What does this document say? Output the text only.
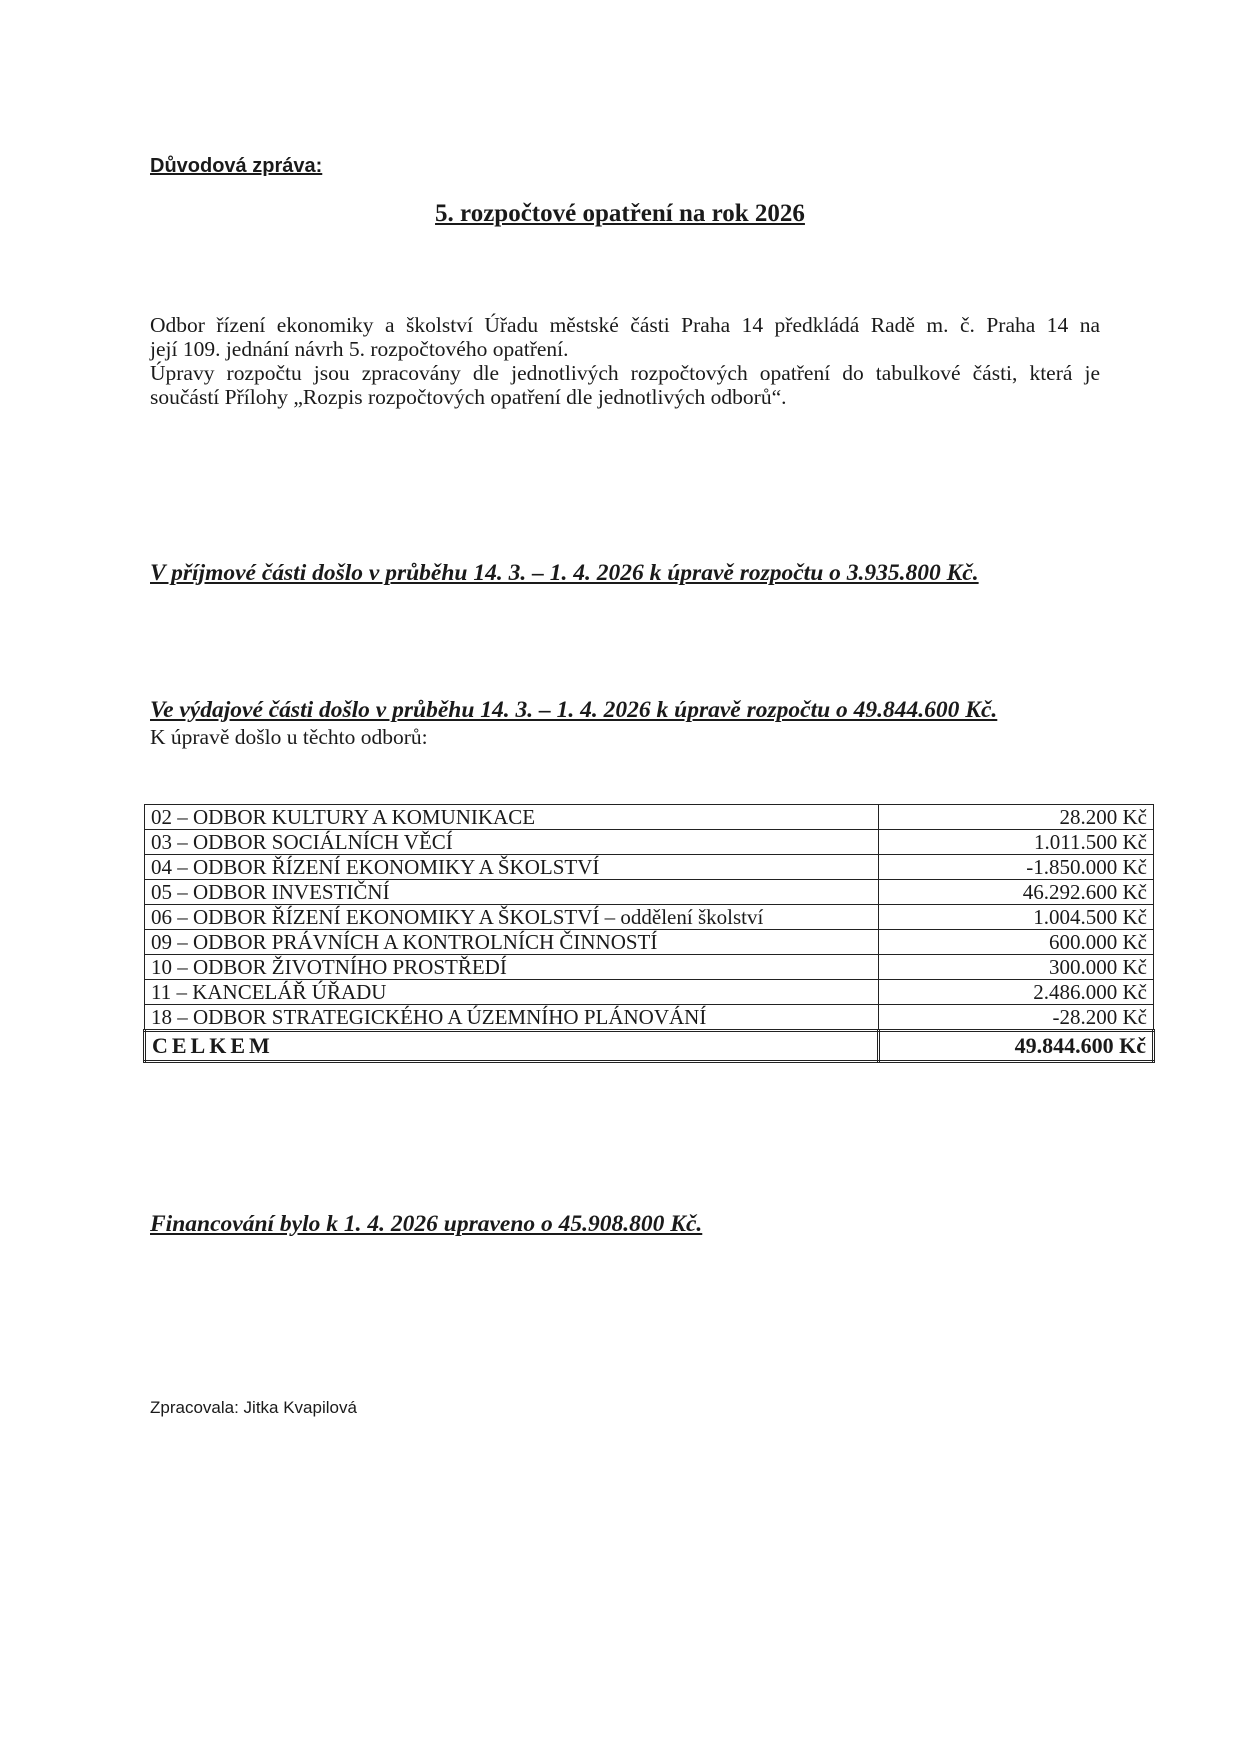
Důvodová zpráva:
5. rozpočtové opatření na rok 2026
Odbor řízení ekonomiky a školství Úřadu městské části Praha 14 předkládá Radě m. č. Praha 14 na
její 109. jednání návrh 5. rozpočtového opatření.
Úpravy rozpočtu jsou zpracovány dle jednotlivých rozpočtových opatření do tabulkové části, která je
součástí Přílohy „Rozpis rozpočtových opatření dle jednotlivých odborů“.
V příjmové části došlo v průběhu 14. 3. – 1. 4. 2026 k úpravě rozpočtu o 3.935.800 Kč.
Ve výdajové části došlo v průběhu 14. 3. – 1. 4. 2026 k úpravě rozpočtu o 49.844.600 Kč.
K úpravě došlo u těchto odborů:
02 – ODBOR KULTURY A KOMUNIKACE	28.200 Kč
03 – ODBOR SOCIÁLNÍCH VĚCÍ	1.011.500 Kč
04 – ODBOR ŘÍZENÍ EKONOMIKY A ŠKOLSTVÍ	-1.850.000 Kč
05 – ODBOR INVESTIČNÍ	46.292.600 Kč
06 – ODBOR ŘÍZENÍ EKONOMIKY A ŠKOLSTVÍ – oddělení školství	1.004.500 Kč
09 – ODBOR PRÁVNÍCH A KONTROLNÍCH ČINNOSTÍ	600.000 Kč
10 – ODBOR ŽIVOTNÍHO PROSTŘEDÍ	300.000 Kč
11 – KANCELÁŘ ÚŘADU	2.486.000 Kč
18 – ODBOR STRATEGICKÉHO A ÚZEMNÍHO PLÁNOVÁNÍ	-28.200 Kč
CELKEM	49.844.600 Kč
Financování bylo k 1. 4. 2026 upraveno o 45.908.800 Kč.
Zpracovala: Jitka Kvapilová
